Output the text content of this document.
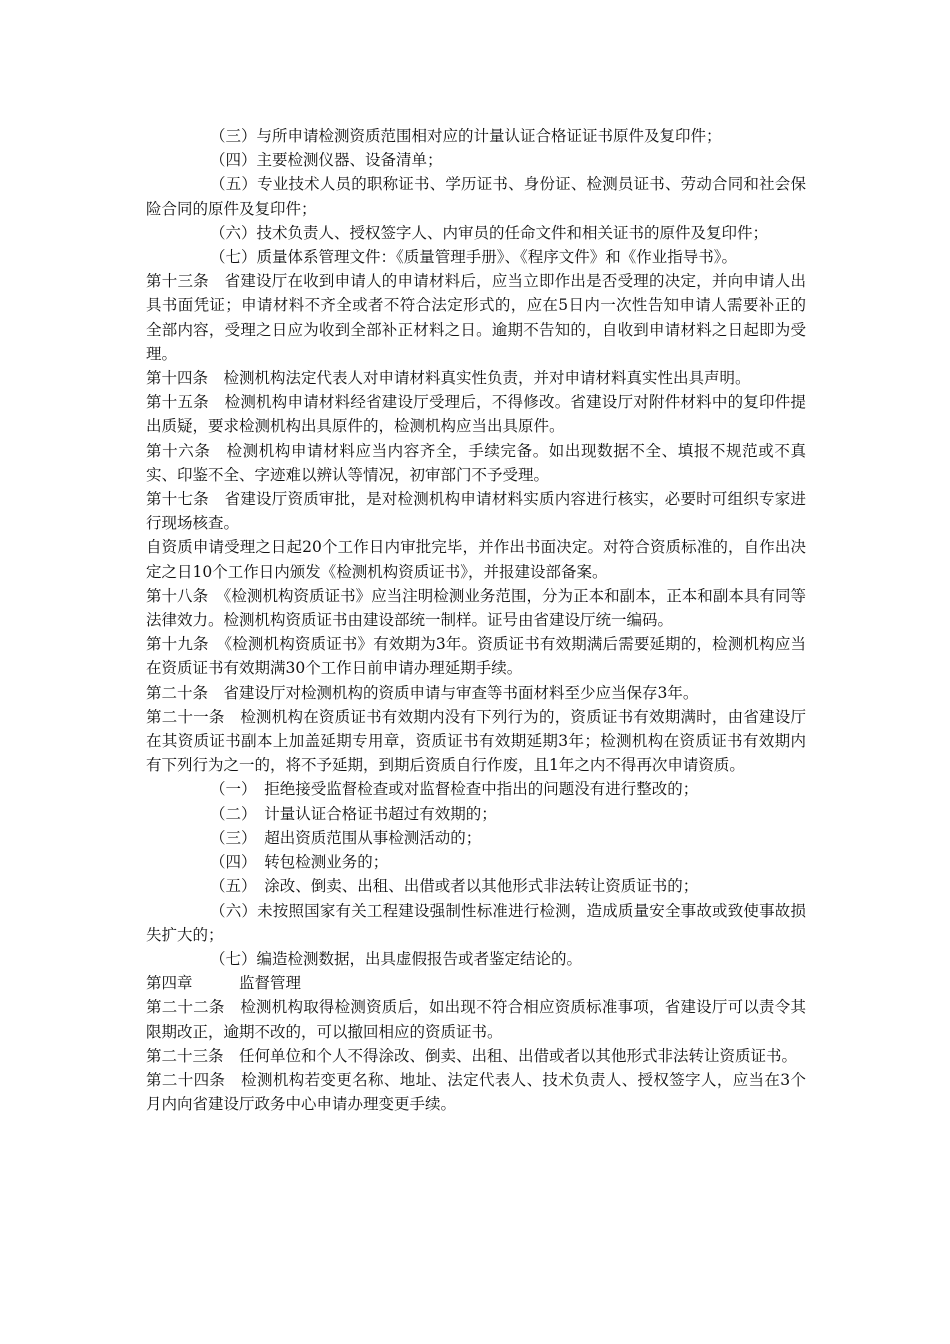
（三）与所申请检测资质范围相对应的计量认证合格证证书原件及复印件；

（四）主要检测仪器、设备清单；

（五）专业技术人员的职称证书、学历证书、身份证、检测员证书、劳动合同和社会保险合同的原件及复印件；

（六）技术负责人、授权签字人、内审员的任命文件和相关证书的原件及复印件；

（七）质量体系管理文件：《质量管理手册》、《程序文件》和《作业指导书》。

第十三条　省建设厅在收到申请人的申请材料后，应当立即作出是否受理的决定，并向申请人出具书面凭证；申请材料不齐全或者不符合法定形式的，应在5日内一次性告知申请人需要补正的全部内容，受理之日应为收到全部补正材料之日。逾期不告知的，自收到申请材料之日起即为受理。

第十四条　检测机构法定代表人对申请材料真实性负责，并对申请材料真实性出具声明。

第十五条　检测机构申请材料经省建设厅受理后，不得修改。省建设厅对附件材料中的复印件提出质疑，要求检测机构出具原件的，检测机构应当出具原件。

第十六条　检测机构申请材料应当内容齐全，手续完备。如出现数据不全、填报不规范或不真实、印鉴不全、字迹难以辨认等情况，初审部门不予受理。

第十七条　省建设厅资质审批，是对检测机构申请材料实质内容进行核实，必要时可组织专家进行现场核查。

自资质申请受理之日起20个工作日内审批完毕，并作出书面决定。对符合资质标准的，自作出决定之日10个工作日内颁发《检测机构资质证书》，并报建设部备案。

第十八条　《检测机构资质证书》应当注明检测业务范围，分为正本和副本，正本和副本具有同等法律效力。检测机构资质证书由建设部统一制样。证号由省建设厅统一编码。

第十九条　《检测机构资质证书》有效期为3年。资质证书有效期满后需要延期的，检测机构应当在资质证书有效期满30个工作日前申请办理延期手续。

第二十条　省建设厅对检测机构的资质申请与审查等书面材料至少应当保存3年。

第二十一条　检测机构在资质证书有效期内没有下列行为的，资质证书有效期满时，由省建设厅在其资质证书副本上加盖延期专用章，资质证书有效期延期3年；检测机构在资质证书有效期内有下列行为之一的，将不予延期，到期后资质自行作废，且1年之内不得再次申请资质。

（一）　拒绝接受监督检查或对监督检查中指出的问题没有进行整改的；

（二）　计量认证合格证书超过有效期的；

（三）　超出资质范围从事检测活动的；

（四）　转包检测业务的；

（五）　涂改、倒卖、出租、出借或者以其他形式非法转让资质证书的；

（六）未按照国家有关工程建设强制性标准进行检测，造成质量安全事故或致使事故损失扩大的；

（七）编造检测数据，出具虚假报告或者鉴定结论的。

第四章　　　监督管理

第二十二条　检测机构取得检测资质后，如出现不符合相应资质标准事项，省建设厅可以责令其限期改正，逾期不改的，可以撤回相应的资质证书。

第二十三条　任何单位和个人不得涂改、倒卖、出租、出借或者以其他形式非法转让资质证书。

第二十四条　检测机构若变更名称、地址、法定代表人、技术负责人、授权签字人，应当在3个月内向省建设厅政务中心申请办理变更手续。
